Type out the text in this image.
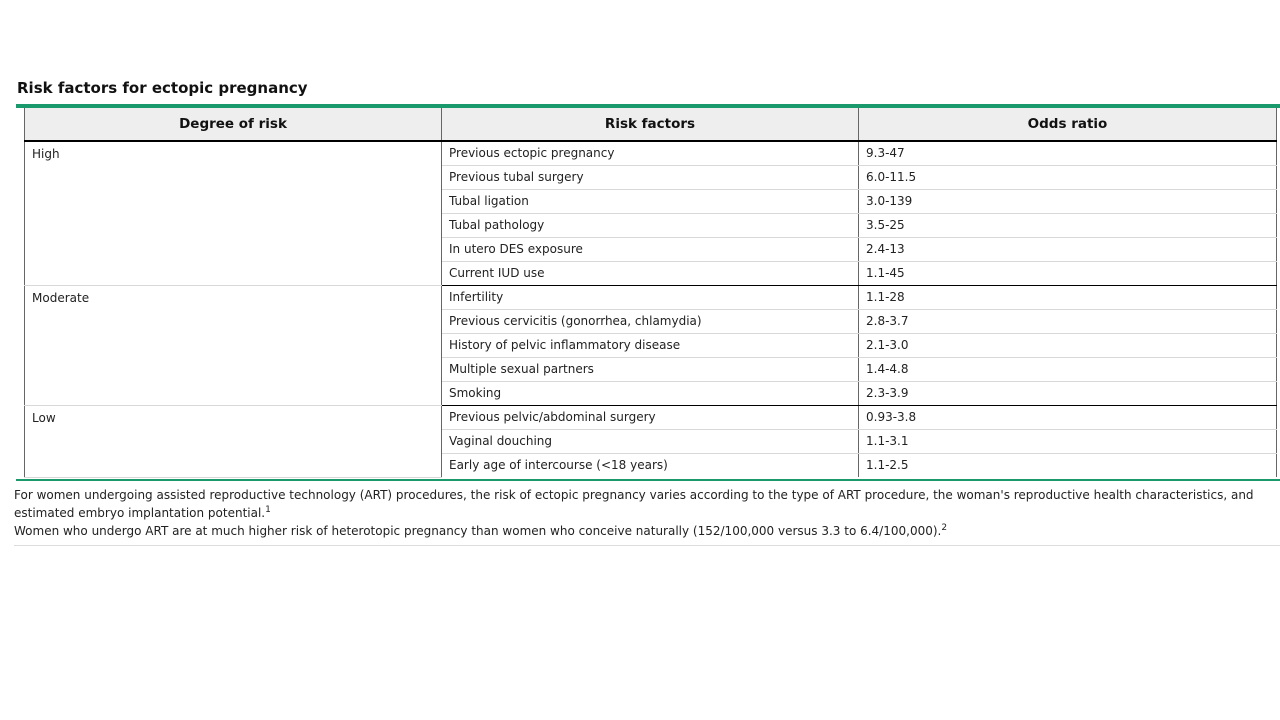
Risk factors for ectopic pregnancy
Degree of risk	Risk factors	Odds ratio
High	Previous ectopic pregnancy	9.3-47
	Previous tubal surgery	6.0-11.5
	Tubal ligation	3.0-139
	Tubal pathology	3.5-25
	In utero DES exposure	2.4-13
	Current IUD use	1.1-45
Moderate	Infertility	1.1-28
	Previous cervicitis (gonorrhea, chlamydia)	2.8-3.7
	History of pelvic inflammatory disease	2.1-3.0
	Multiple sexual partners	1.4-4.8
	Smoking	2.3-3.9
Low	Previous pelvic/abdominal surgery	0.93-3.8
	Vaginal douching	1.1-3.1
	Early age of intercourse (<18 years)	1.1-2.5

For women undergoing assisted reproductive technology (ART) procedures, the risk of ectopic pregnancy varies according to the type of ART procedure, the woman's reproductive health characteristics, and estimated embryo implantation potential.$^1$

Women who undergo ART are at much higher risk of heterotopic pregnancy than women who conceive naturally (152/100,000 versus 3.3 to 6.4/100,000).$^2$
